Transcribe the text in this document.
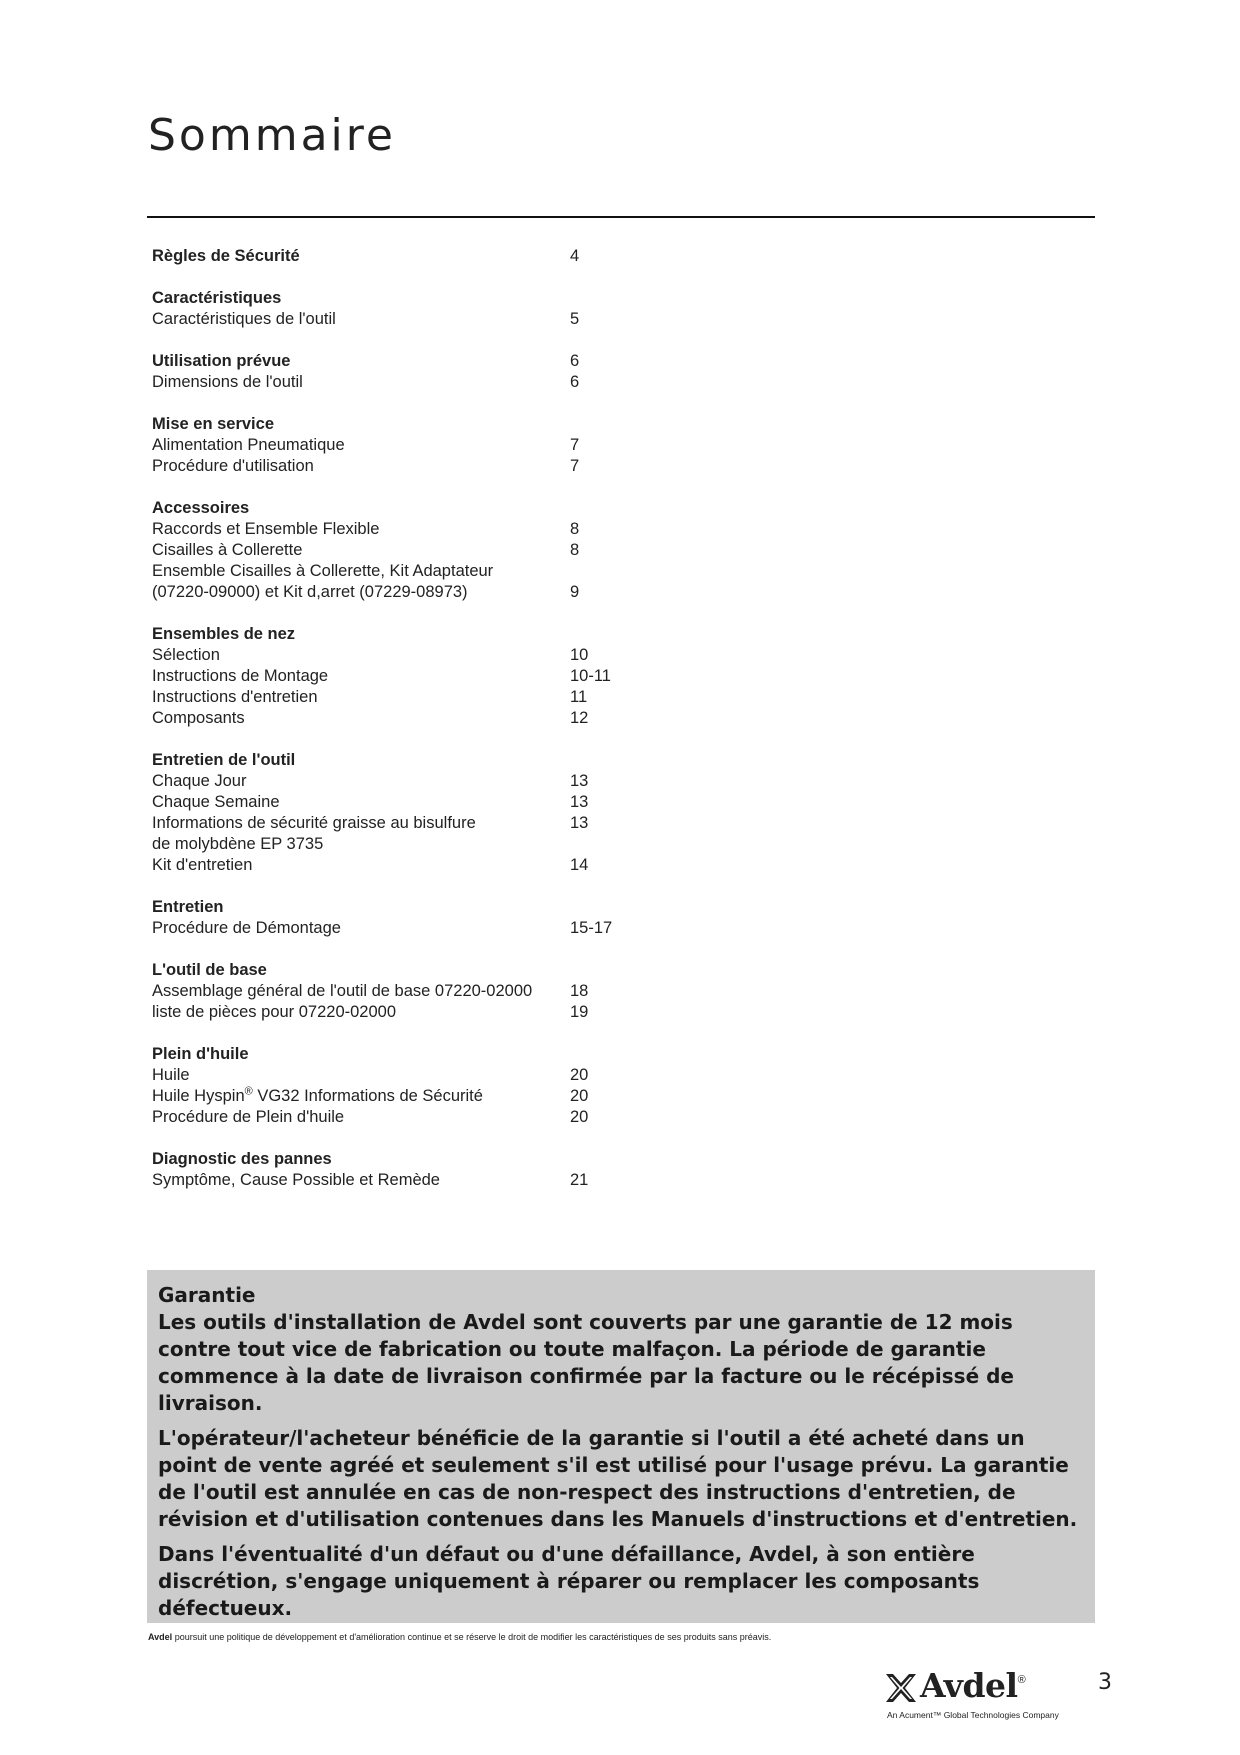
Sommaire
Règles de Sécurité	4
Caractéristiques
Caractéristiques de l'outil	5
Utilisation prévue	6
Dimensions de l'outil	6
Mise en service
Alimentation Pneumatique	7
Procédure d'utilisation	7
Accessoires
Raccords et Ensemble Flexible	8
Cisailles à Collerette	8
Ensemble Cisailles à Collerette, Kit Adaptateur
(07220-09000) et Kit d,arret (07229-08973)	9
Ensembles de nez
Sélection	10
Instructions de Montage	10-11
Instructions d'entretien	11
Composants	12
Entretien de l'outil
Chaque Jour	13
Chaque Semaine	13
Informations de sécurité graisse au bisulfure	13
de molybdène EP 3735
Kit d'entretien	14
Entretien
Procédure de Démontage	15-17
L'outil de base
Assemblage général de l'outil de base 07220-02000	18
liste de pièces pour 07220-02000	19
Plein d'huile
Huile	20
Huile Hyspin® VG32 Informations de Sécurité	20
Procédure de Plein d'huile	20
Diagnostic des pannes
Symptôme, Cause Possible et Remède	21
Garantie

Les outils d'installation de Avdel sont couverts par une garantie de 12 mois contre tout vice de fabrication ou toute malfaçon. La période de garantie commence à la date de livraison confirmée par la facture ou le récépissé de livraison.

L'opérateur/l'acheteur bénéficie de la garantie si l'outil a été acheté dans un point de vente agréé et seulement s'il est utilisé pour l'usage prévu. La garantie de l'outil est annulée en cas de non-respect des instructions d'entretien, de révision et d'utilisation contenues dans les Manuels d'instructions et d'entretien.

Dans l'éventualité d'un défaut ou d'une défaillance, Avdel, à son entière discrétion, s'engage uniquement à réparer ou remplacer les composants défectueux.

Avdel poursuit une politique de développement et d'amélioration continue et se réserve le droit de modifier les caractéristiques de ses produits sans préavis.
Avdel®
An Acument™ Global Technologies Company
3
